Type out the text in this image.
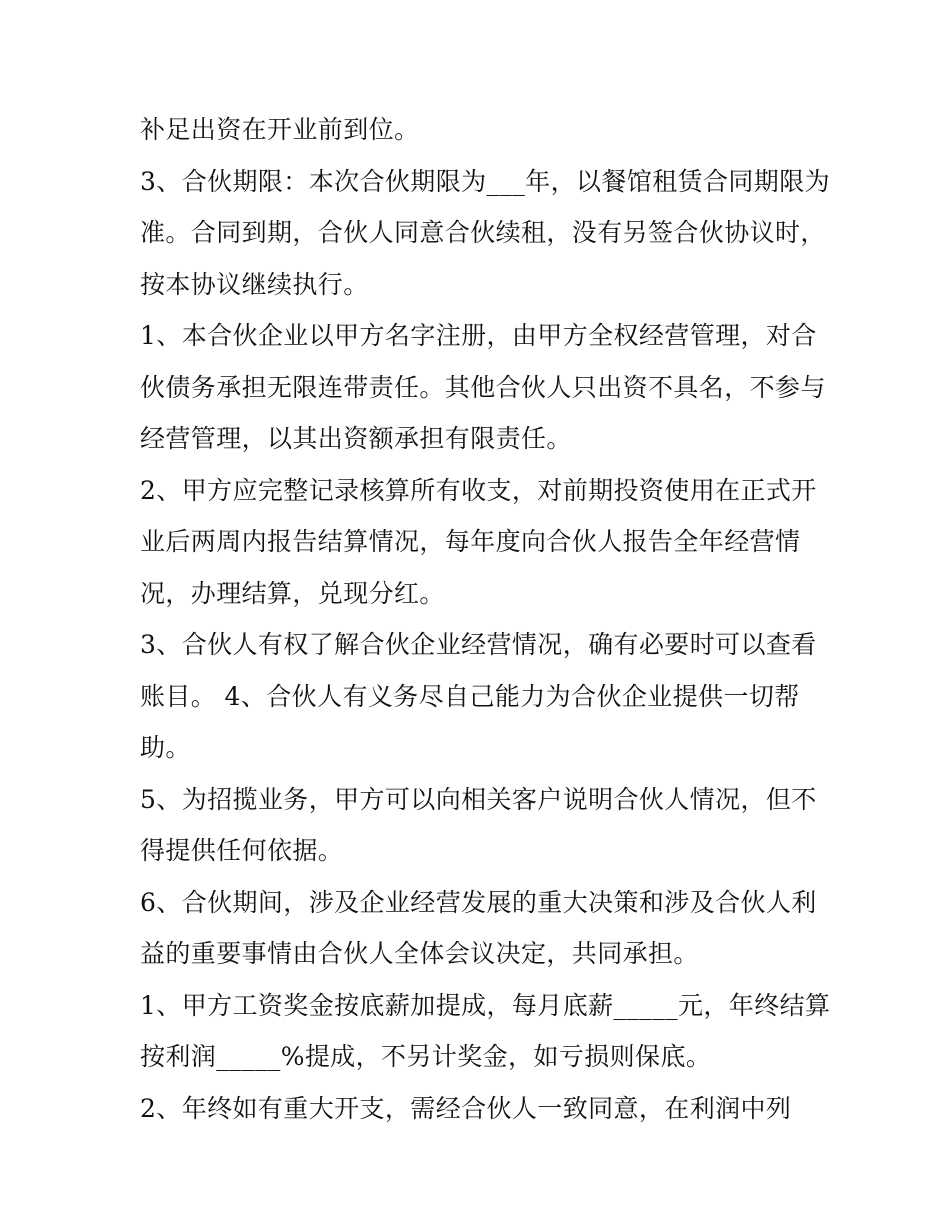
补足出资在开业前到位。

3、合伙期限：本次合伙期限为___年，以餐馆租赁合同期限为

准。合同到期，合伙人同意合伙续租，没有另签合伙协议时，

按本协议继续执行。

1、本合伙企业以甲方名字注册，由甲方全权经营管理，对合

伙债务承担无限连带责任。其他合伙人只出资不具名，不参与

经营管理，以其出资额承担有限责任。

2、甲方应完整记录核算所有收支，对前期投资使用在正式开

业后两周内报告结算情况，每年度向合伙人报告全年经营情

况，办理结算，兑现分红。

3、合伙人有权了解合伙企业经营情况，确有必要时可以查看

账目。 4、合伙人有义务尽自己能力为合伙企业提供一切帮

助。

5、为招揽业务，甲方可以向相关客户说明合伙人情况，但不

得提供任何依据。

6、合伙期间，涉及企业经营发展的重大决策和涉及合伙人利

益的重要事情由合伙人全体会议决定，共同承担。

1、甲方工资奖金按底薪加提成，每月底薪_____元，年终结算

按利润_____%提成，不另计奖金，如亏损则保底。

2、年终如有重大开支，需经合伙人一致同意，在利润中列
